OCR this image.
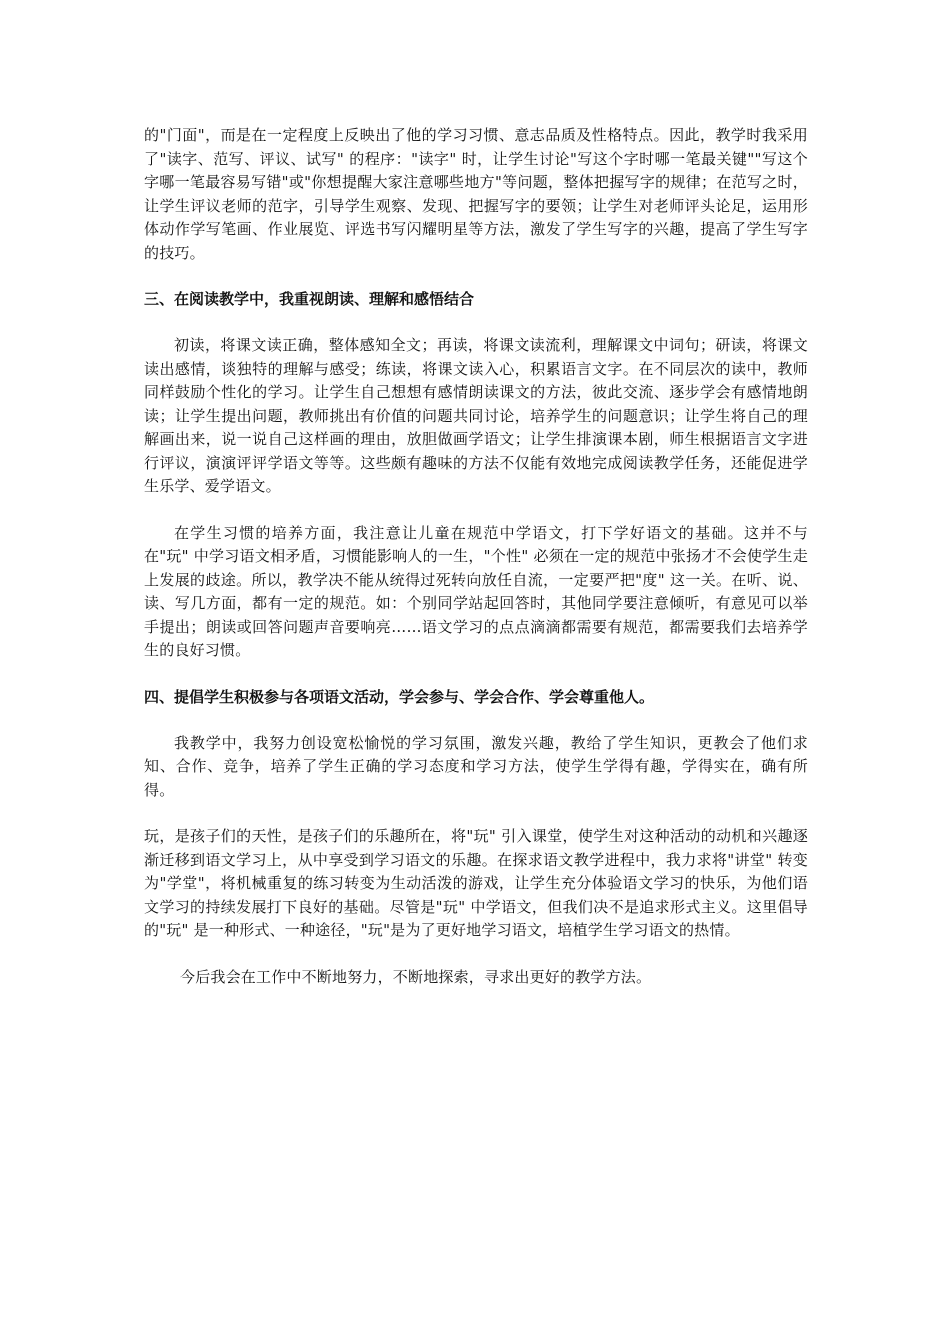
的"门面"，而是在一定程度上反映出了他的学习习惯、意志品质及性格特点。因此，教学时我采用了"读字、范写、评议、试写" 的程序："读字" 时，让学生讨论"写这个字时哪一笔最关键""写这个字哪一笔最容易写错"或"你想提醒大家注意哪些地方"等问题，整体把握写字的规律；在范写之时，让学生评议老师的范字，引导学生观察、发现、把握写字的要领；让学生对老师评头论足，运用形体动作学写笔画、作业展览、评选书写闪耀明星等方法，激发了学生写字的兴趣，提高了学生写字的技巧。

三、在阅读教学中，我重视朗读、理解和感悟结合

初读，将课文读正确，整体感知全文；再读，将课文读流利，理解课文中词句；研读，将课文读出感情，谈独特的理解与感受；练读，将课文读入心，积累语言文字。在不同层次的读中，教师同样鼓励个性化的学习。让学生自己想想有感情朗读课文的方法，彼此交流、逐步学会有感情地朗读；让学生提出问题，教师挑出有价值的问题共同讨论，培养学生的问题意识；让学生将自己的理解画出来，说一说自己这样画的理由，放胆做画学语文；让学生排演课本剧，师生根据语言文字进行评议，演演评评学语文等等。这些颇有趣味的方法不仅能有效地完成阅读教学任务，还能促进学生乐学、爱学语文。

在学生习惯的培养方面，我注意让儿童在规范中学语文，打下学好语文的基础。这并不与在"玩" 中学习语文相矛盾，习惯能影响人的一生，"个性" 必须在一定的规范中张扬才不会使学生走上发展的歧途。所以，教学决不能从统得过死转向放任自流，一定要严把"度" 这一关。在听、说、读、写几方面，都有一定的规范。如：个别同学站起回答时，其他同学要注意倾听，有意见可以举手提出；朗读或回答问题声音要响亮……语文学习的点点滴滴都需要有规范，都需要我们去培养学生的良好习惯。

四、提倡学生积极参与各项语文活动，学会参与、学会合作、学会尊重他人。

我教学中，我努力创设宽松愉悦的学习氛围，激发兴趣，教给了学生知识，更教会了他们求知、合作、竞争，培养了学生正确的学习态度和学习方法，使学生学得有趣，学得实在，确有所得。

玩，是孩子们的天性，是孩子们的乐趣所在，将"玩" 引入课堂，使学生对这种活动的动机和兴趣逐渐迁移到语文学习上，从中享受到学习语文的乐趣。在探求语文教学进程中，我力求将"讲堂" 转变为"学堂"，将机械重复的练习转变为生动活泼的游戏，让学生充分体验语文学习的快乐，为他们语文学习的持续发展打下良好的基础。尽管是"玩" 中学语文，但我们决不是追求形式主义。这里倡导的"玩" 是一种形式、一种途径，"玩"是为了更好地学习语文，培植学生学习语文的热情。

今后我会在工作中不断地努力，不断地探索，寻求出更好的教学方法。
